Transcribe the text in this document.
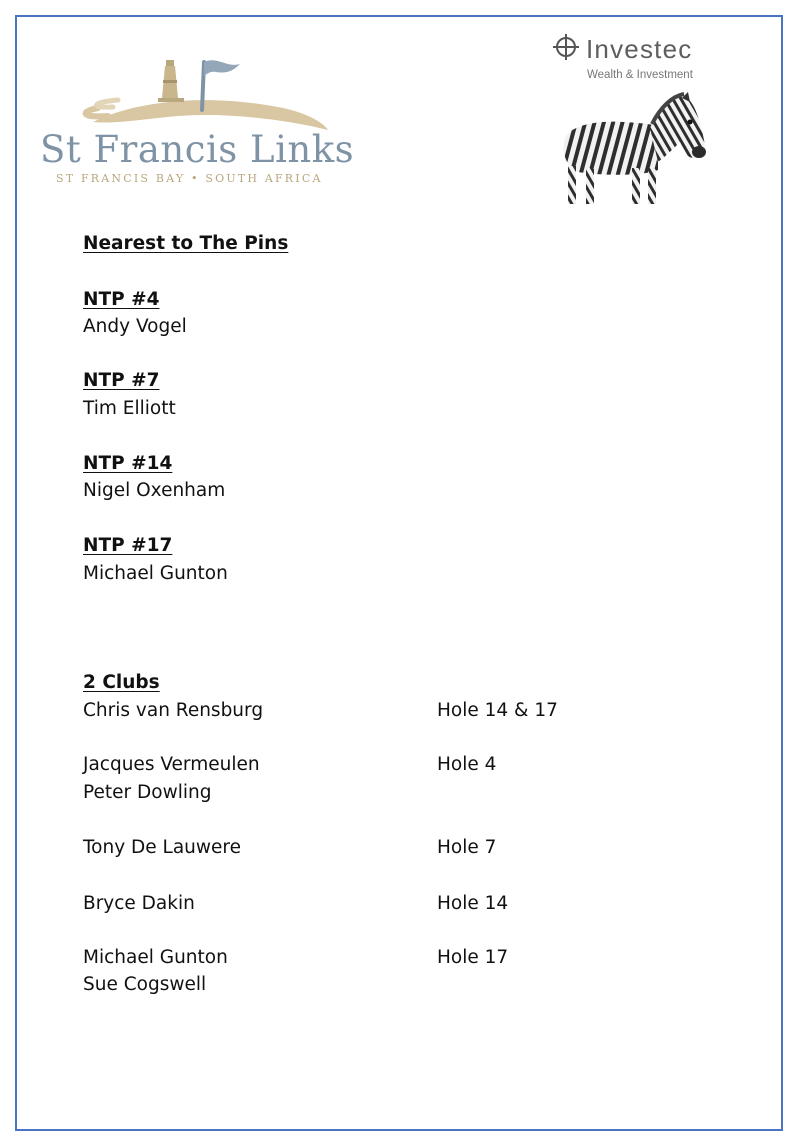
St Francis Links
ST FRANCIS BAY • SOUTH AFRICA
Investec
Wealth & Investment
Nearest to The Pins
NTP #4
Andy Vogel
NTP #7
Tim Elliott
NTP #14
Nigel Oxenham
NTP #17
Michael Gunton
2 Clubs
Chris van Rensburg	Hole 14 & 17
Jacques Vermeulen	Hole 4
Peter Dowling
Tony De Lauwere	Hole 7
Bryce Dakin	Hole 14
Michael Gunton	Hole 17
Sue Cogswell
